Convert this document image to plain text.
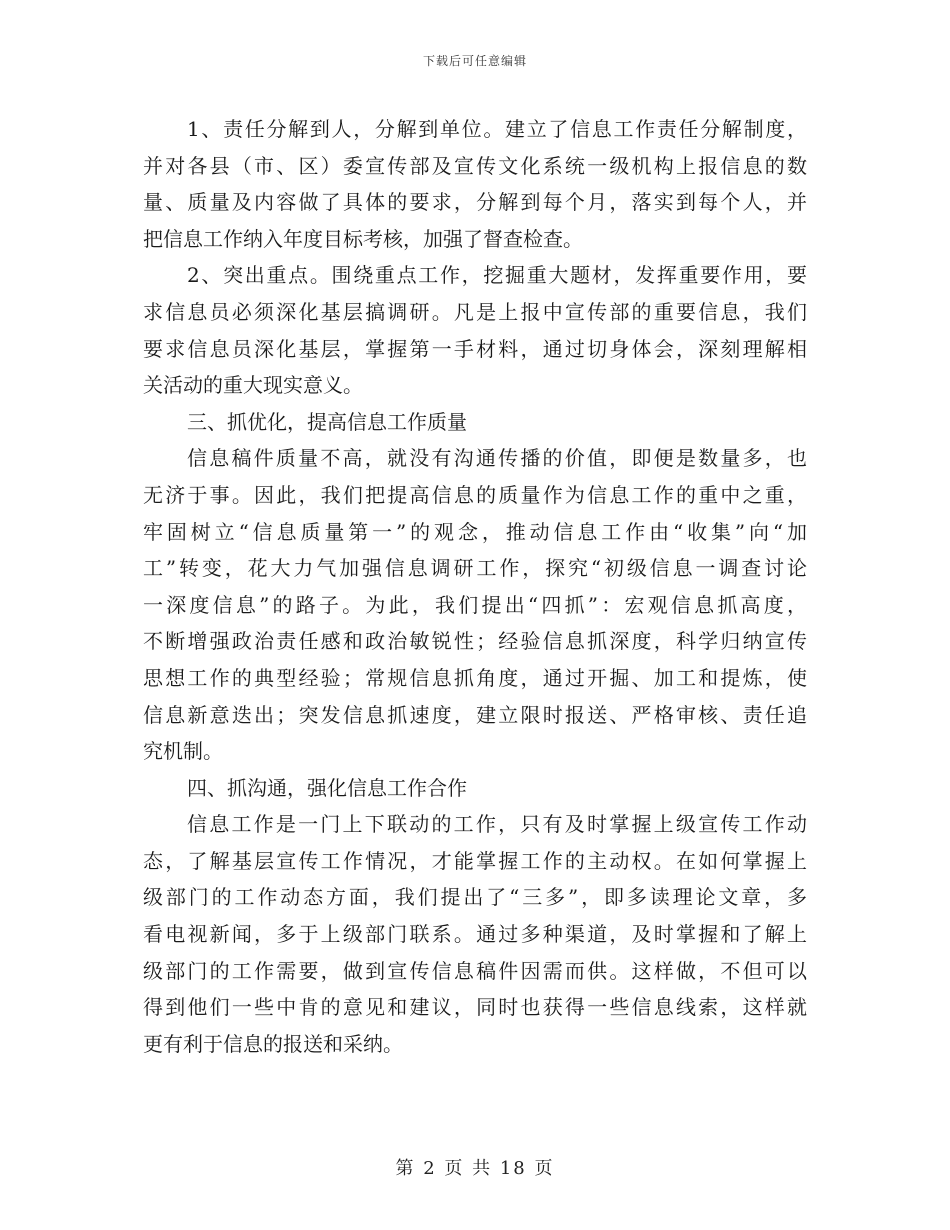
下载后可任意编辑
1、责任分解到人，分解到单位。建立了信息工作责任分解制度，
并对各县（市、区）委宣传部及宣传文化系统一级机构上报信息的数
量、质量及内容做了具体的要求，分解到每个月，落实到每个人，并
把信息工作纳入年度目标考核，加强了督查检查。
2、突出重点。围绕重点工作，挖掘重大题材，发挥重要作用，要
求信息员必须深化基层搞调研。凡是上报中宣传部的重要信息，我们
要求信息员深化基层，掌握第一手材料，通过切身体会，深刻理解相
关活动的重大现实意义。
三、抓优化，提高信息工作质量
信息稿件质量不高，就没有沟通传播的价值，即便是数量多，也
无济于事。因此，我们把提高信息的质量作为信息工作的重中之重，
牢固树立“信息质量第一”的观念，推动信息工作由“收集”向“加
工”转变，花大力气加强信息调研工作，探究“初级信息一调查讨论
一深度信息”的路子。为此，我们提出“四抓”：宏观信息抓高度，
不断增强政治责任感和政治敏锐性；经验信息抓深度，科学归纳宣传
思想工作的典型经验；常规信息抓角度，通过开掘、加工和提炼，使
信息新意迭出；突发信息抓速度，建立限时报送、严格审核、责任追
究机制。
四、抓沟通，强化信息工作合作
信息工作是一门上下联动的工作，只有及时掌握上级宣传工作动
态，了解基层宣传工作情况，才能掌握工作的主动权。在如何掌握上
级部门的工作动态方面，我们提出了“三多”，即多读理论文章，多
看电视新闻，多于上级部门联系。通过多种渠道，及时掌握和了解上
级部门的工作需要，做到宣传信息稿件因需而供。这样做，不但可以
得到他们一些中肯的意见和建议，同时也获得一些信息线索，这样就
更有利于信息的报送和采纳。
第 2 页 共 18 页
